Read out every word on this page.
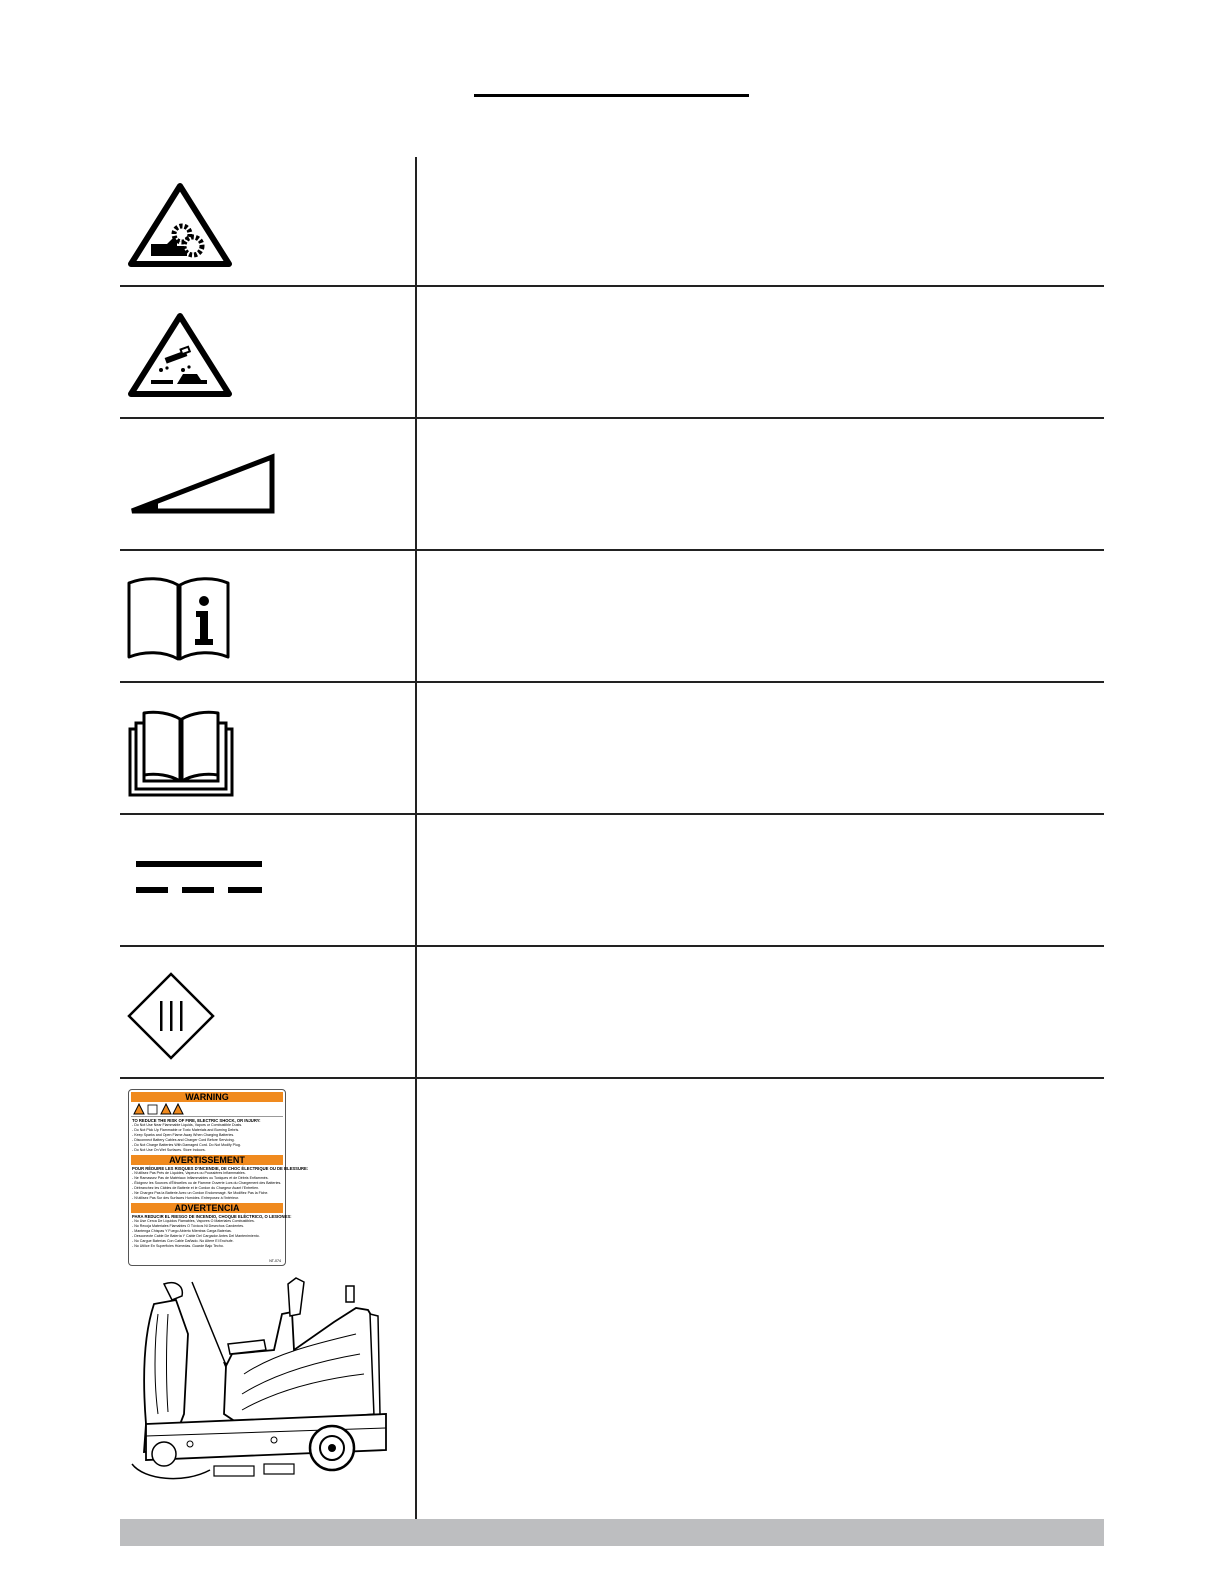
WARNING
TO REDUCE THE RISK OF FIRE, ELECTRIC SHOCK, OR INJURY:
- Do Not Use Near Flammable Liquids, Vapors or Combustible Dusts.
- Do Not Pick Up Flammable or Toxic Materials and Burning Debris.
- Keep Sparks and Open Flame Away When Charging Batteries.
- Disconnect Battery Cables and Charger Cord Before Servicing.
- Do Not Charge Batteries With Damaged Cord. Do Not Modify Plug.
- Do Not Use On Wet Surfaces. Store Indoors.
AVERTISSEMENT
POUR RÉDUIRE LES RISQUES D'INCENDIE, DE CHOC ÉLECTRIQUE OU DE BLESSURE:
- N'utilisez Pas Près de Liquides, Vapeurs ou Poussières Inflammables.
- Ne Ramassez Pas de Matériaux Inflammables ou Toxiques et de Débris Enflammés.
- Éloignez les Sources d'Étincelles ou de Flamme Ouverte Lors du Chargement des Batteries.
- Débranchez les Câbles de Batterie et le Cordon du Chargeur Avant l'Entretien.
- Ne Chargez Pas la Batterie Avec un Cordon Endommagé. Ne Modifiez Pas la Fiche.
- N'utilisez Pas Sur des Surfaces Humides. Entreposez à l'Intérieur.
ADVERTENCIA
PARA REDUCIR EL RIESGO DE INCENDIO, CHOQUE ELÉCTRICO, O LESIONES:
- No Use Cerca De Líquidos Flamables, Vapores O Materiales Combustibles.
- No Recoja Materiales Flamables O Tóxicos Ni Desechos Candentes.
- Mantenga Chispas Y Fuego Abierto Mientras Carga Baterías.
- Desconecte Cable De Batería Y Cable Del Cargador Antes Del Mantenimiento.
- No Cargue Baterías Con Cable Dañado. No Altere El Enchufe.
- No Utilice En Superficies Húmedas. Guarde Bajo Techo.
NT-074
